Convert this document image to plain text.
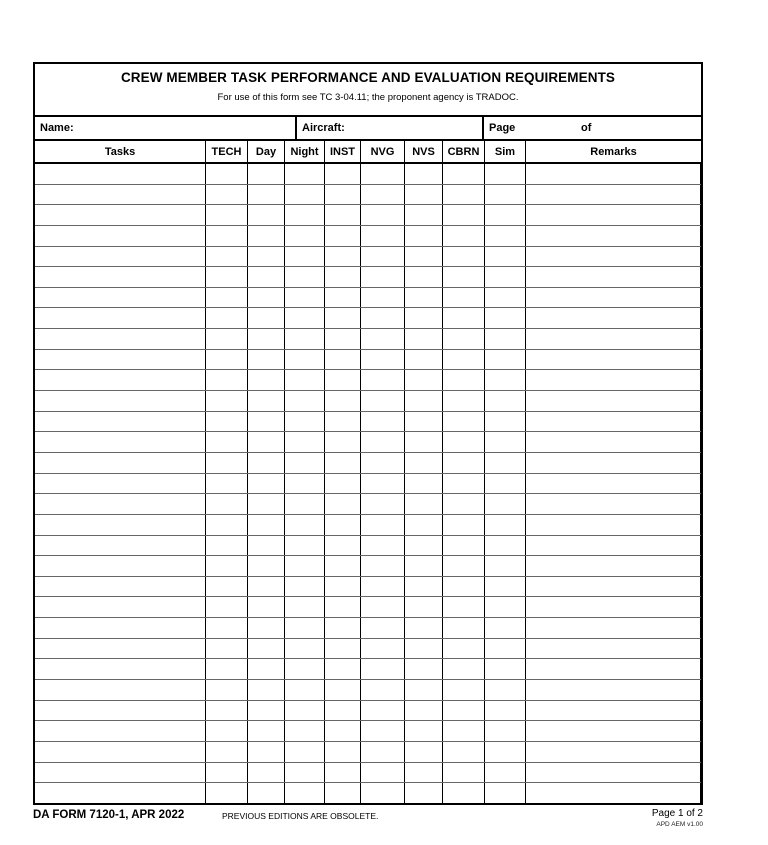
CREW MEMBER TASK PERFORMANCE AND EVALUATION REQUIREMENTS
For use of this form see TC 3-04.11; the proponent agency is TRADOC.
Name:	Aircraft:	Page	of
Tasks	TECH	Day	Night	INST	NVG	NVS	CBRN	Sim	Remarks
DA FORM 7120-1, APR 2022	PREVIOUS EDITIONS ARE OBSOLETE.	Page 1 of 2
APD AEM v1.00
